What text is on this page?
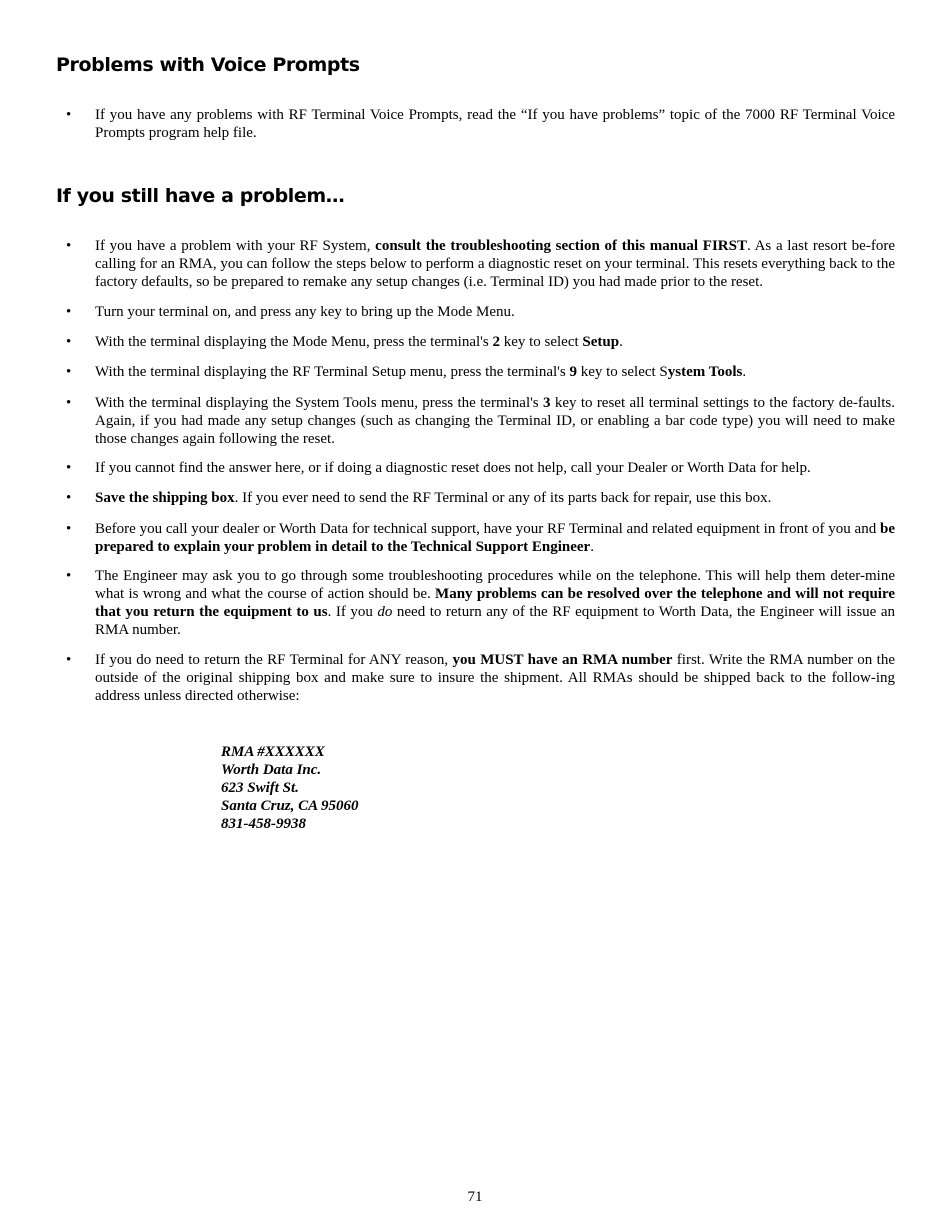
Problems with Voice Prompts

• If you have any problems with RF Terminal Voice Prompts, read the “If you have problems” topic of the 7000 RF Terminal Voice Prompts program help file.

If you still have a problem…

• If you have a problem with your RF System, consult the troubleshooting section of this manual FIRST. As a last resort be-fore calling for an RMA, you can follow the steps below to perform a diagnostic reset on your terminal. This resets everything back to the factory defaults, so be prepared to remake any setup changes (i.e. Terminal ID) you had made prior to the reset.

• Turn your terminal on, and press any key to bring up the Mode Menu.

• With the terminal displaying the Mode Menu, press the terminal's 2 key to select Setup.

• With the terminal displaying the RF Terminal Setup menu, press the terminal's 9 key to select System Tools.

• With the terminal displaying the System Tools menu, press the terminal's 3 key to reset all terminal settings to the factory de-faults. Again, if you had made any setup changes (such as changing the Terminal ID, or enabling a bar code type) you will need to make those changes again following the reset.

• If you cannot find the answer here, or if doing a diagnostic reset does not help, call your Dealer or Worth Data for help.

• Save the shipping box. If you ever need to send the RF Terminal or any of its parts back for repair, use this box.

• Before you call your dealer or Worth Data for technical support, have your RF Terminal and related equipment in front of you and be prepared to explain your problem in detail to the Technical Support Engineer.

• The Engineer may ask you to go through some troubleshooting procedures while on the telephone. This will help them deter-mine what is wrong and what the course of action should be. Many problems can be resolved over the telephone and will not require that you return the equipment to us. If you do need to return any of the RF equipment to Worth Data, the Engineer will issue an RMA number.

• If you do need to return the RF Terminal for ANY reason, you MUST have an RMA number first. Write the RMA number on the outside of the original shipping box and make sure to insure the shipment. All RMAs should be shipped back to the follow-ing address unless directed otherwise:

RMA #XXXXXX
Worth Data Inc.
623 Swift St.
Santa Cruz, CA 95060
831-458-9938
71
